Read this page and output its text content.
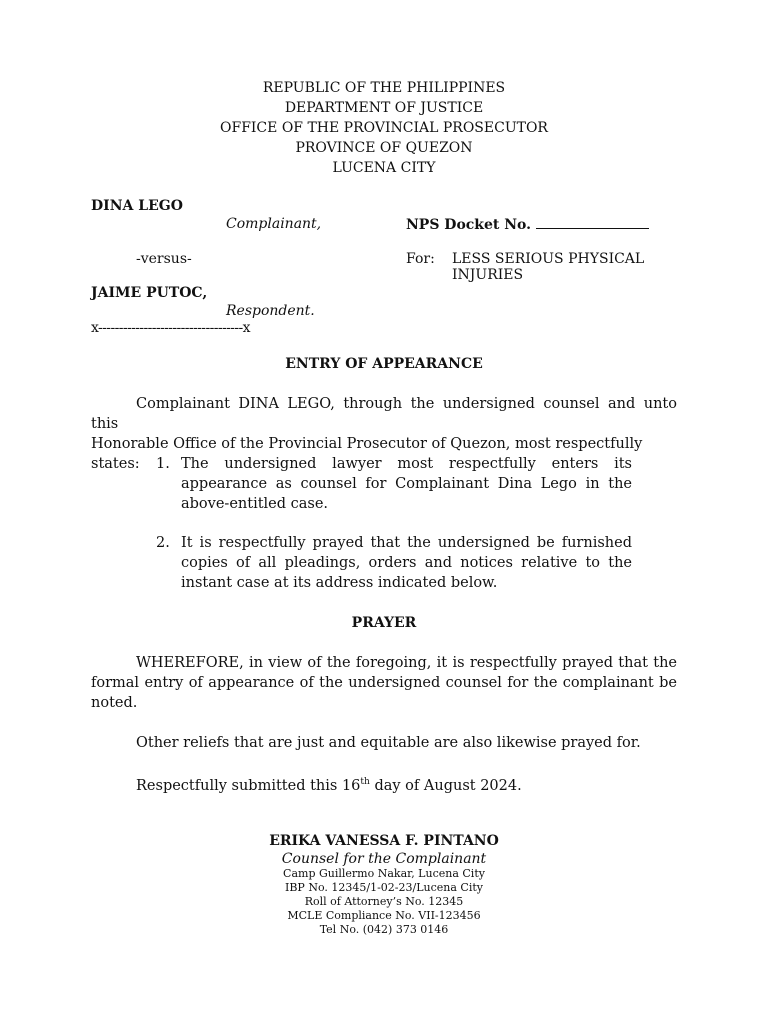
REPUBLIC OF THE PHILIPPINES
DEPARTMENT OF JUSTICE
OFFICE OF THE PROVINCIAL PROSECUTOR
PROVINCE OF QUEZON
LUCENA CITY
DINA LEGO
Complainant,
-versus-
JAIME PUTOC,
Respondent.
x-----------------------------------x
NPS Docket No.
For: LESS SERIOUS PHYSICAL
INJURIES
ENTRY OF APPEARANCE
Complainant DINA LEGO, through the undersigned counsel and unto this
Honorable Office of the Provincial Prosecutor of Quezon, most respectfully states:	1. The undersigned lawyer most respectfully enters its appearance as counsel for Complainant Dina Lego in the above-entitled case.
2. It is respectfully prayed that the undersigned be furnished copies of all pleadings, orders and notices relative to the instant case at its address indicated below.
PRAYER
WHEREFORE, in view of the foregoing, it is respectfully prayed that the
formal entry of appearance of the undersigned counsel for the complainant be
noted.
Other reliefs that are just and equitable are also likewise prayed for.
Respectfully submitted this 16th day of August 2024.
ERIKA VANESSA F. PINTANO
Counsel for the Complainant
Camp Guillermo Nakar, Lucena City
IBP No. 12345/1-02-23/Lucena City
Roll of Attorney’s No. 12345
MCLE Compliance No. VII-123456
Tel No. (042) 373 0146
